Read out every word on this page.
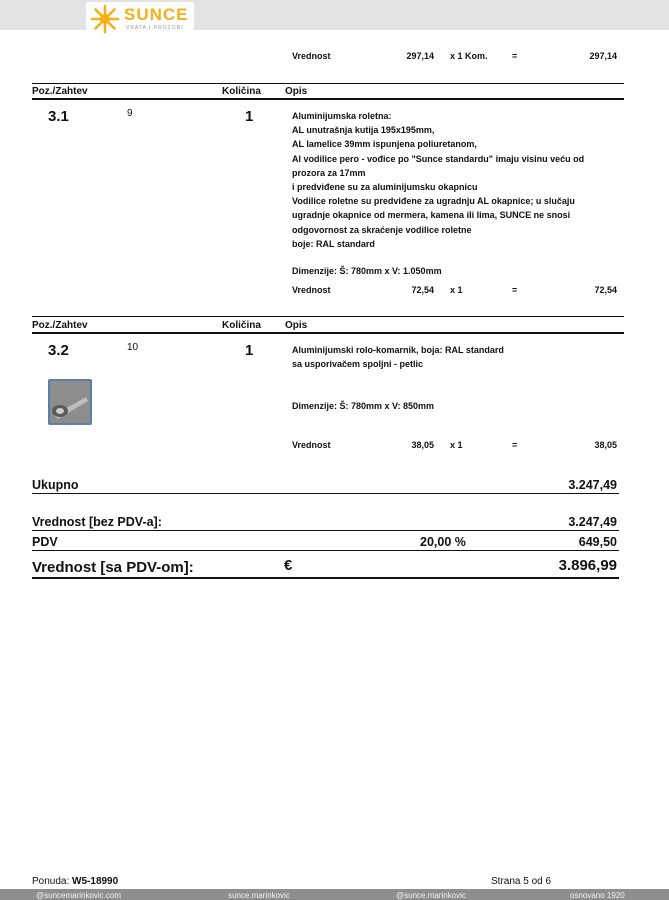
SUNCE
VRATA I PROZORI
Vrednost	297,14 x 1 Kom.	=	297,14
Poz./Zahtev	Količina Opis
3.1	9	1	Aluminijumska roletna:
AL unutrašnja kutija 195x195mm,
AL lamelice 39mm ispunjena poliuretanom,
Al vodilice pero - vođice po "Sunce standardu" imaju visinu veću od
prozora za 17mm
i predviđene su za aluminijumsku okapnicu
Vodilice roletne su predviđene za ugradnju AL okapnice; u slučaju
ugradnje okapnice od mermera, kamena ili lima, SUNCE ne snosi
odgovornost za skraćenje vodilice roletne
boje: RAL standard
Dimenzije: Š: 780mm x V: 1.050mm
Vrednost	72,54 x 1	=	72,54
Poz./Zahtev	Količina Opis
3.2	10	1	Aluminijumski rolo-komarnik, boja: RAL standard
sa usporivačem spoljni - petlic
Dimenzije: Š: 780mm x V: 850mm
Vrednost	38,05 x 1	=	38,05
Ukupno	3.247,49
Vrednost [bez PDV-a]:	3.247,49
PDV	20,00 %	649,50
Vrednost [sa PDV-om]:	€	3.896,99
Ponuda: W5-18990	Strana 5 od 6
@suncemarinkovic.com	sunce.marinkovic	@sunce.marinkovic	osnovano 1920
